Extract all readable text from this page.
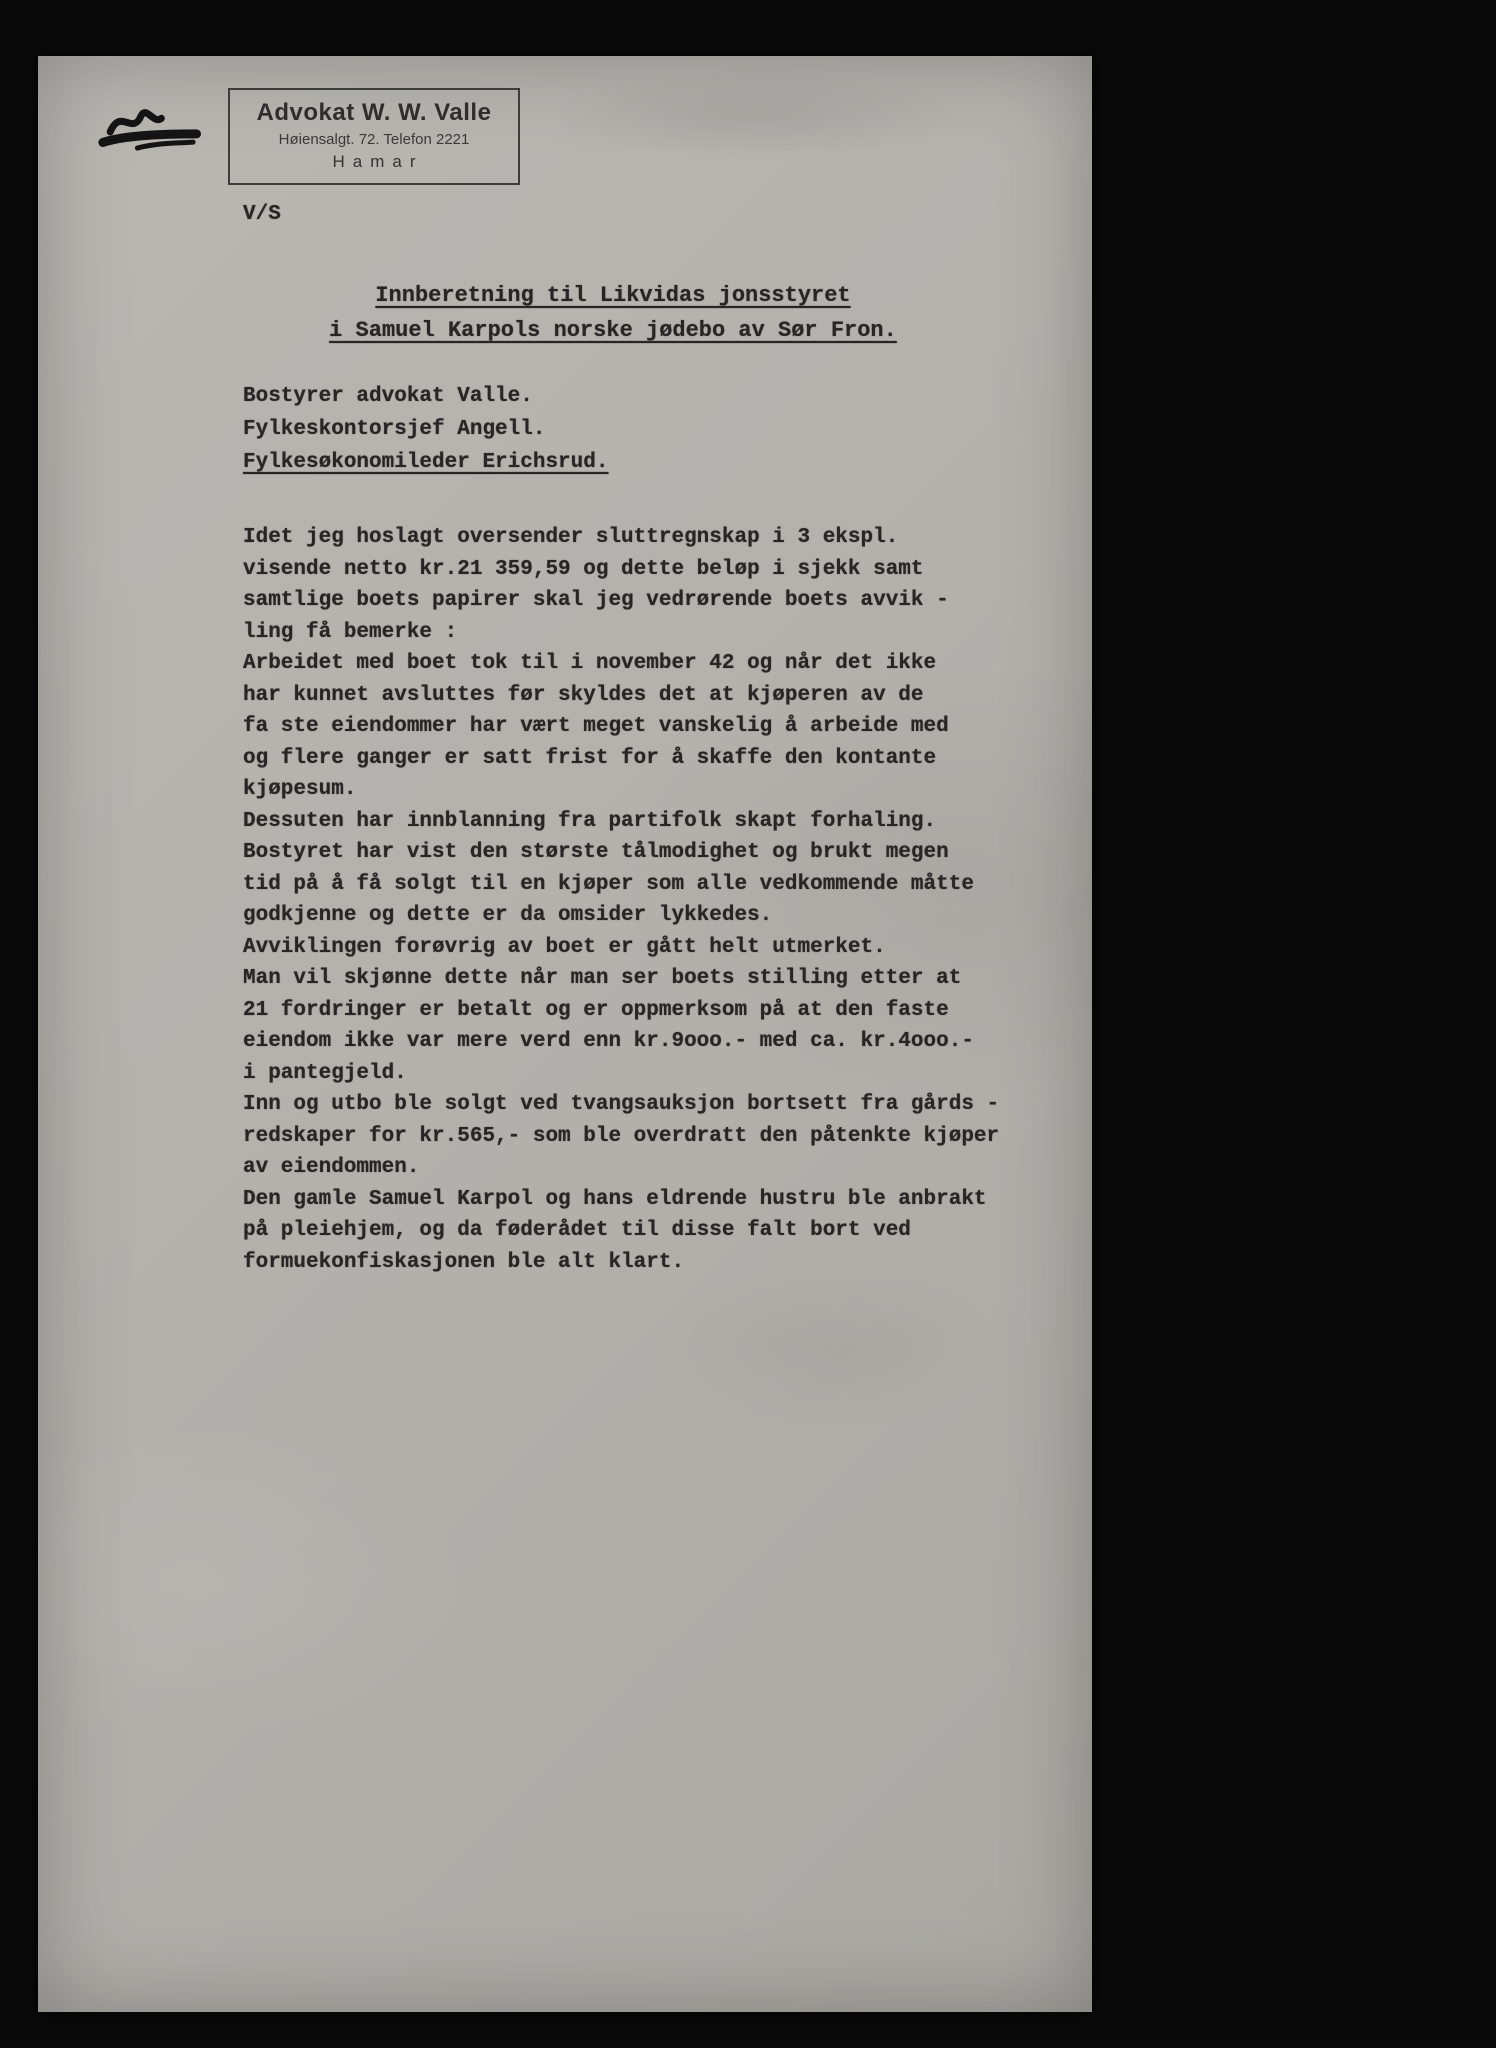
Advokat W. W. Valle
Høiensalgt. 72. Telefon 2221
Hamar
V/S
Innberetning til Likvidas jonsstyret
i Samuel Karpols norske jødebo av Sør Fron.
Bostyrer advokat Valle.
Fylkeskontorsjef Angell.
Fylkesøkonomileder Erichsrud.
Idet jeg hoslagt oversender sluttregnskap i 3 ekspl.
visende netto kr.21 359,59 og dette beløp i sjekk samt
samtlige boets papirer skal jeg vedrørende boets avvik -
ling få bemerke :
Arbeidet med boet tok til i november 42 og når det ikke
har kunnet avsluttes før skyldes det at kjøperen av de
fa ste eiendommer har vært meget vanskelig å arbeide med
og flere ganger er satt frist for å skaffe den kontante
kjøpesum.
Dessuten har innblanning fra partifolk skapt forhaling.
Bostyret har vist den største tålmodighet og brukt megen
tid på å få solgt til en kjøper som alle vedkommende måtte
godkjenne og dette er da omsider lykkedes.
Avviklingen forøvrig av boet er gått helt utmerket.
Man vil skjønne dette når man ser boets stilling etter at
21 fordringer er betalt og er oppmerksom på at den faste
eiendom ikke var mere verd enn kr.9ooo.- med ca. kr.4ooo.-
i pantegjeld.
Inn og utbo ble solgt ved tvangsauksjon bortsett fra gårds -
redskaper for kr.565,- som ble overdratt den påtenkte kjøper
av eiendommen.
Den gamle Samuel Karpol og hans eldrende hustru ble anbrakt
på pleiehjem, og da føderådet til disse falt bort ved
formuekonfiskasjonen ble alt klart.
